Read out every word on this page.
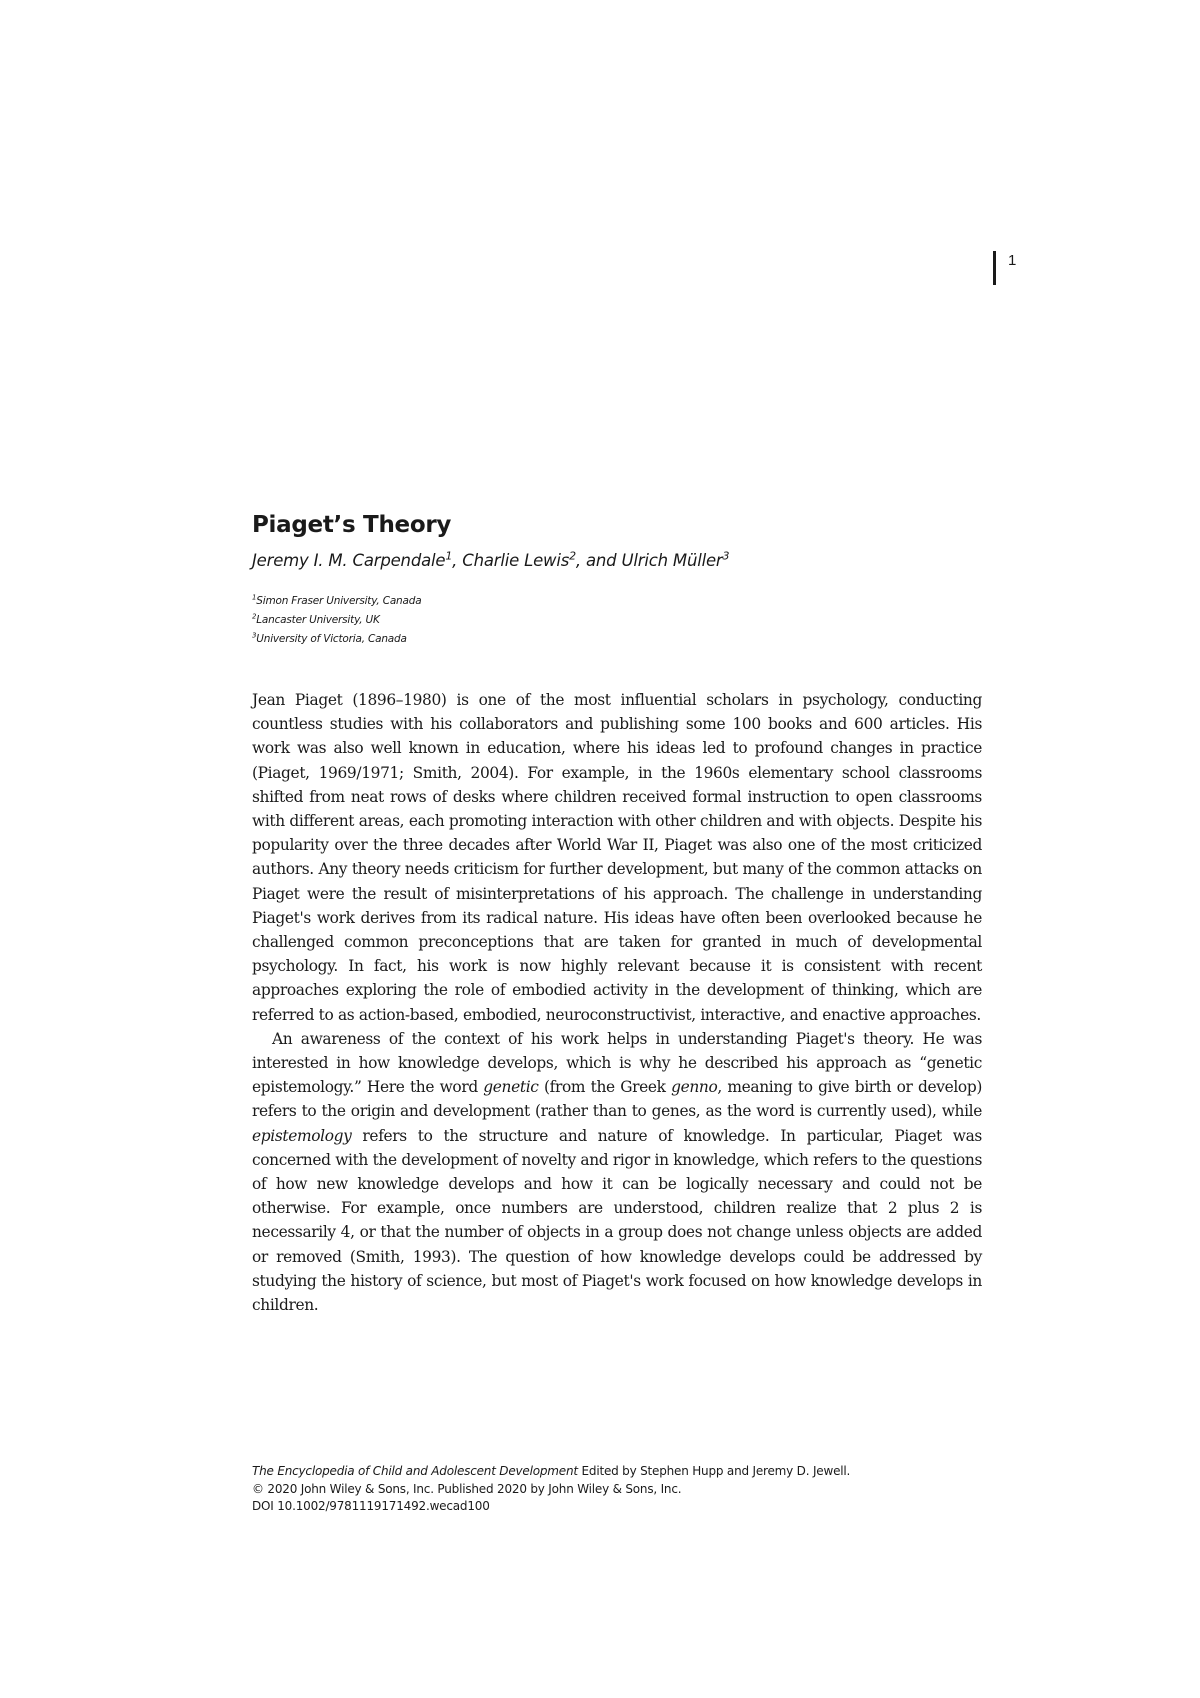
1
Piaget’s Theory
Jeremy I. M. Carpendale$^1$, Charlie Lewis$^2$, and Ulrich Müller$^3$
$^1$Simon Fraser University, Canada
$^2$Lancaster University, UK
$^3$University of Victoria, Canada

Jean Piaget (1896–1980) is one of the most influential scholars in psychology, conducting countless studies with his collaborators and publishing some 100 books and 600 articles. His work was also well known in education, where his ideas led to profound changes in practice (Piaget, 1969/1971; Smith, 2004). For example, in the 1960s elementary school classrooms shifted from neat rows of desks where children received formal instruction to open classrooms with different areas, each promoting interaction with other children and with objects. Despite his popularity over the three decades after World War II, Piaget was also one of the most criticized authors. Any theory needs criticism for further development, but many of the common attacks on Piaget were the result of misinterpretations of his approach. The challenge in understanding Piaget's work derives from its radical nature. His ideas have often been overlooked because he challenged common preconceptions that are taken for granted in much of developmental psychology. In fact, his work is now highly relevant because it is consistent with recent approaches exploring the role of embodied activity in the development of thinking, which are referred to as action-based, embodied, neuroconstructivist, interactive, and enactive approaches.

An awareness of the context of his work helps in understanding Piaget's theory. He was interested in how knowledge develops, which is why he described his approach as “genetic epistemology.” Here the word genetic (from the Greek genno, meaning to give birth or develop) refers to the origin and development (rather than to genes, as the word is currently used), while epistemology refers to the structure and nature of knowledge. In particular, Piaget was concerned with the development of novelty and rigor in knowledge, which refers to the questions of how new knowledge develops and how it can be logically necessary and could not be otherwise. For example, once numbers are understood, children realize that 2 plus 2 is necessarily 4, or that the number of objects in a group does not change unless objects are added or removed (Smith, 1993). The question of how knowledge develops could be addressed by studying the history of science, but most of Piaget's work focused on how knowledge develops in children.

The Encyclopedia of Child and Adolescent Development Edited by Stephen Hupp and Jeremy D. Jewell.
© 2020 John Wiley & Sons, Inc. Published 2020 by John Wiley & Sons, Inc.
DOI 10.1002/9781119171492.wecad100
